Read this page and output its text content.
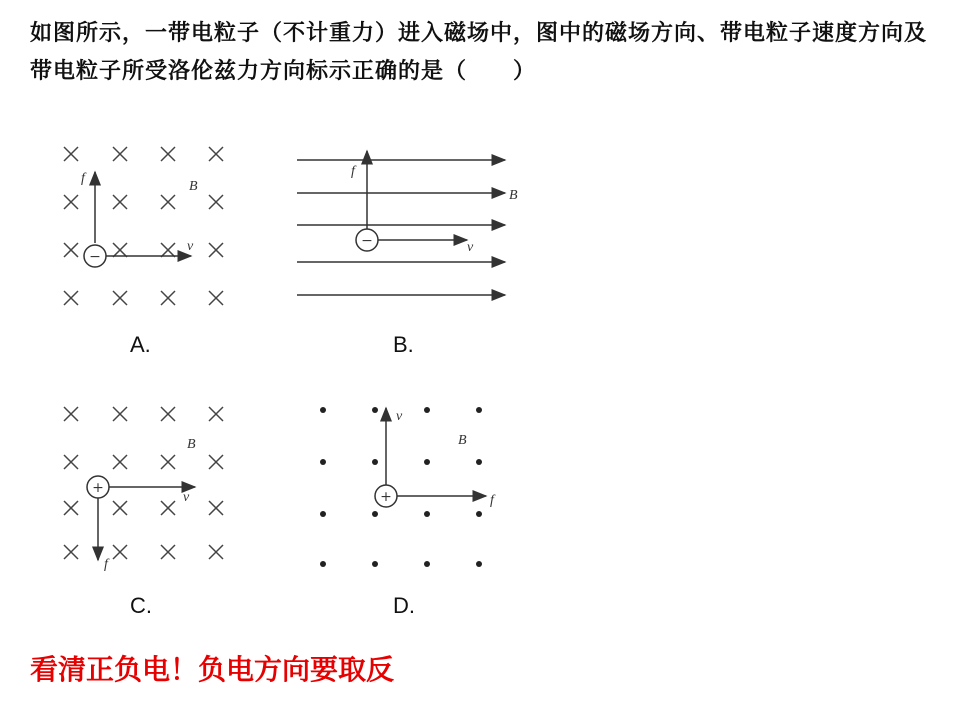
如图所示，一带电粒子（不计重力）进入磁场中，图中的磁场方向、带电粒子速度方向及带电粒子所受洛伦兹力方向标示正确的是（　　）

−
f
B
v
A.
−
f
B
v
B.
+
B
v
f
C.
+
v
B
f
D.
看清正负电！负电方向要取反
